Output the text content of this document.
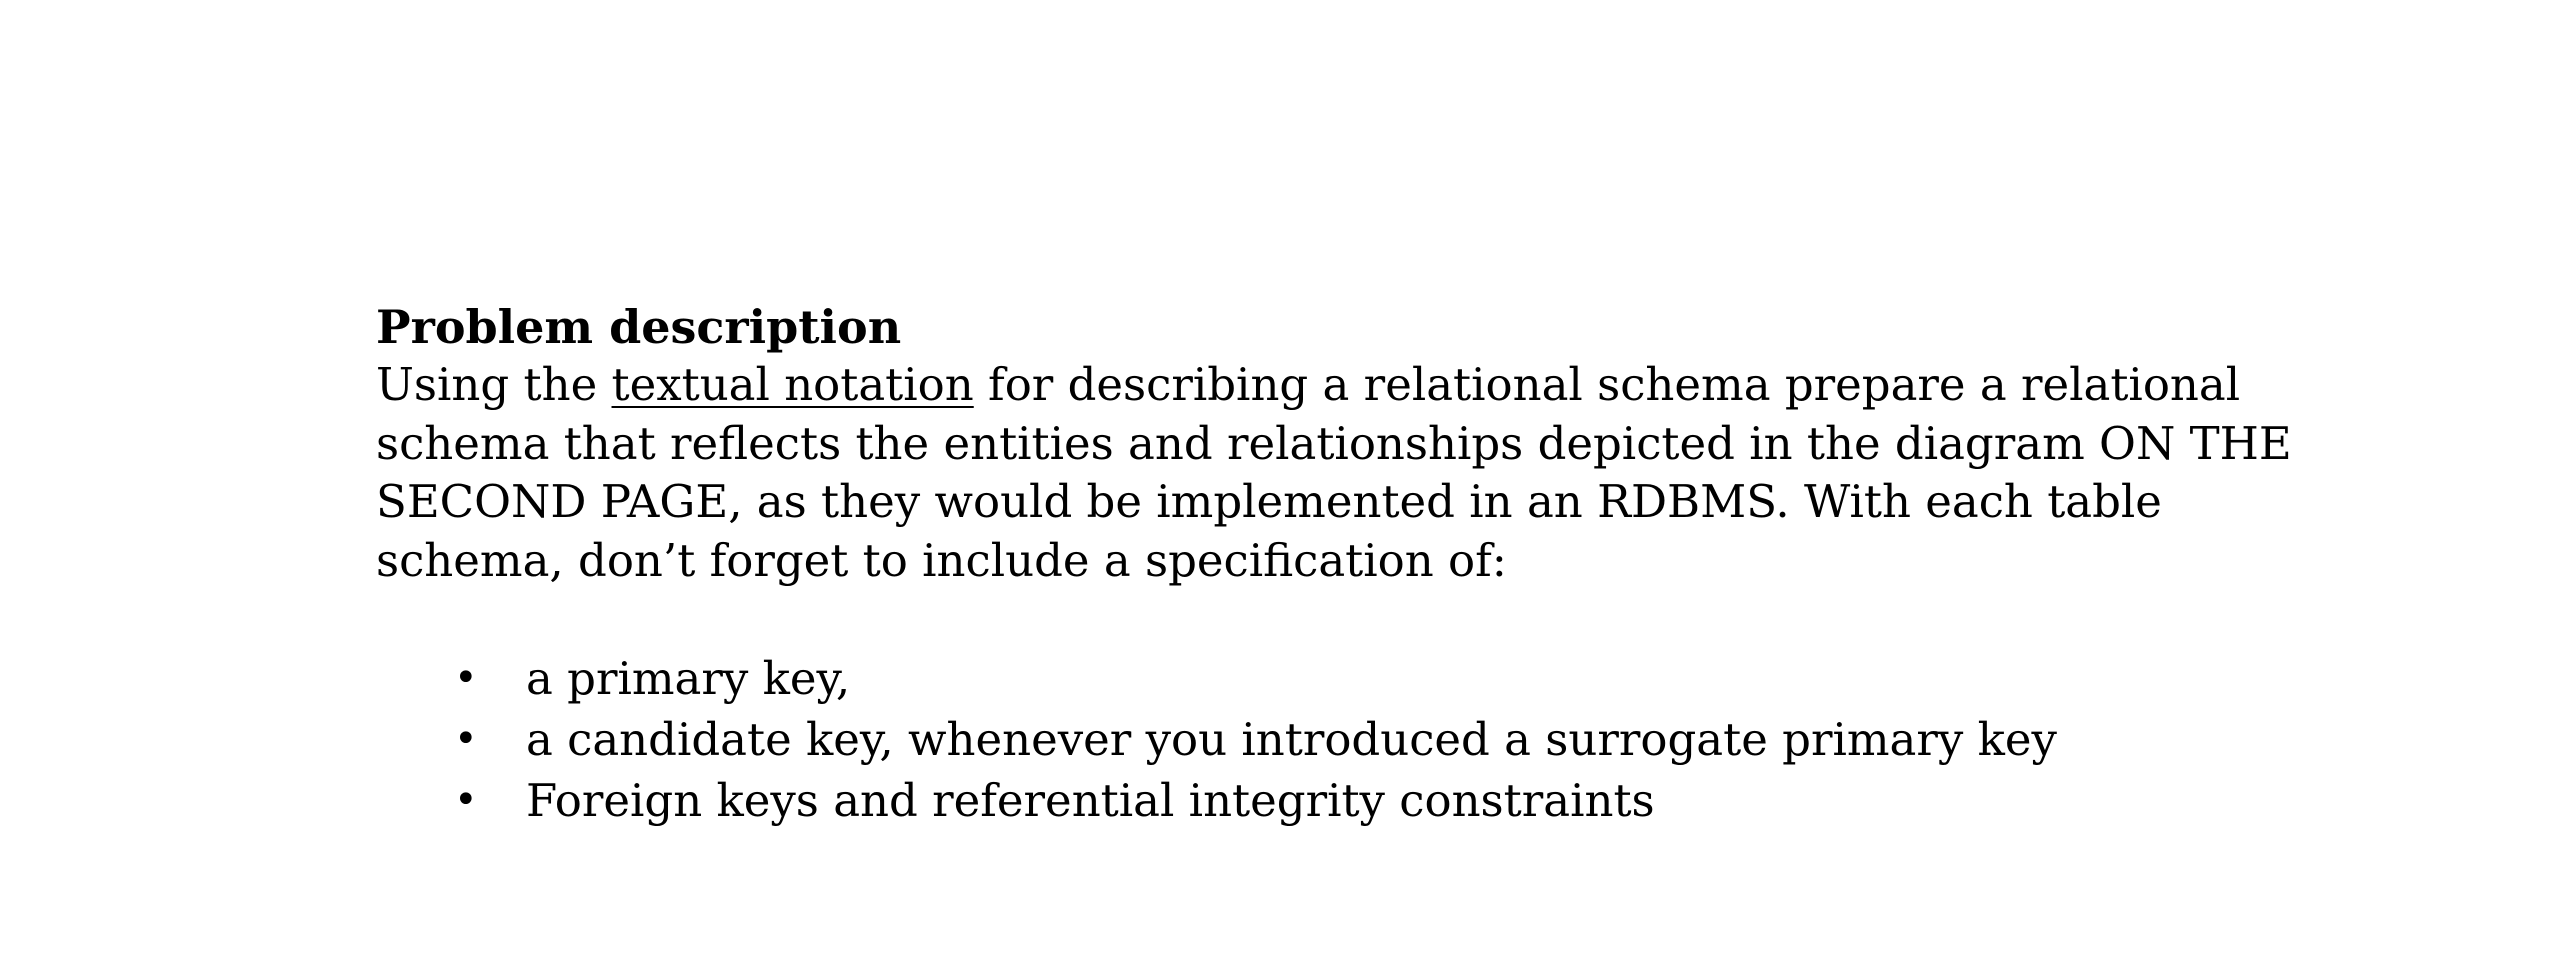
Problem description

Using the textual notation for describing a relational schema prepare a relational

schema that reflects the entities and relationships depicted in the diagram ON THE

SECOND PAGE, as they would be implemented in an RDBMS. With each table

schema, don’t forget to include a specification of:

• a primary key,
• a candidate key, whenever you introduced a surrogate primary key
• Foreign keys and referential integrity constraints
